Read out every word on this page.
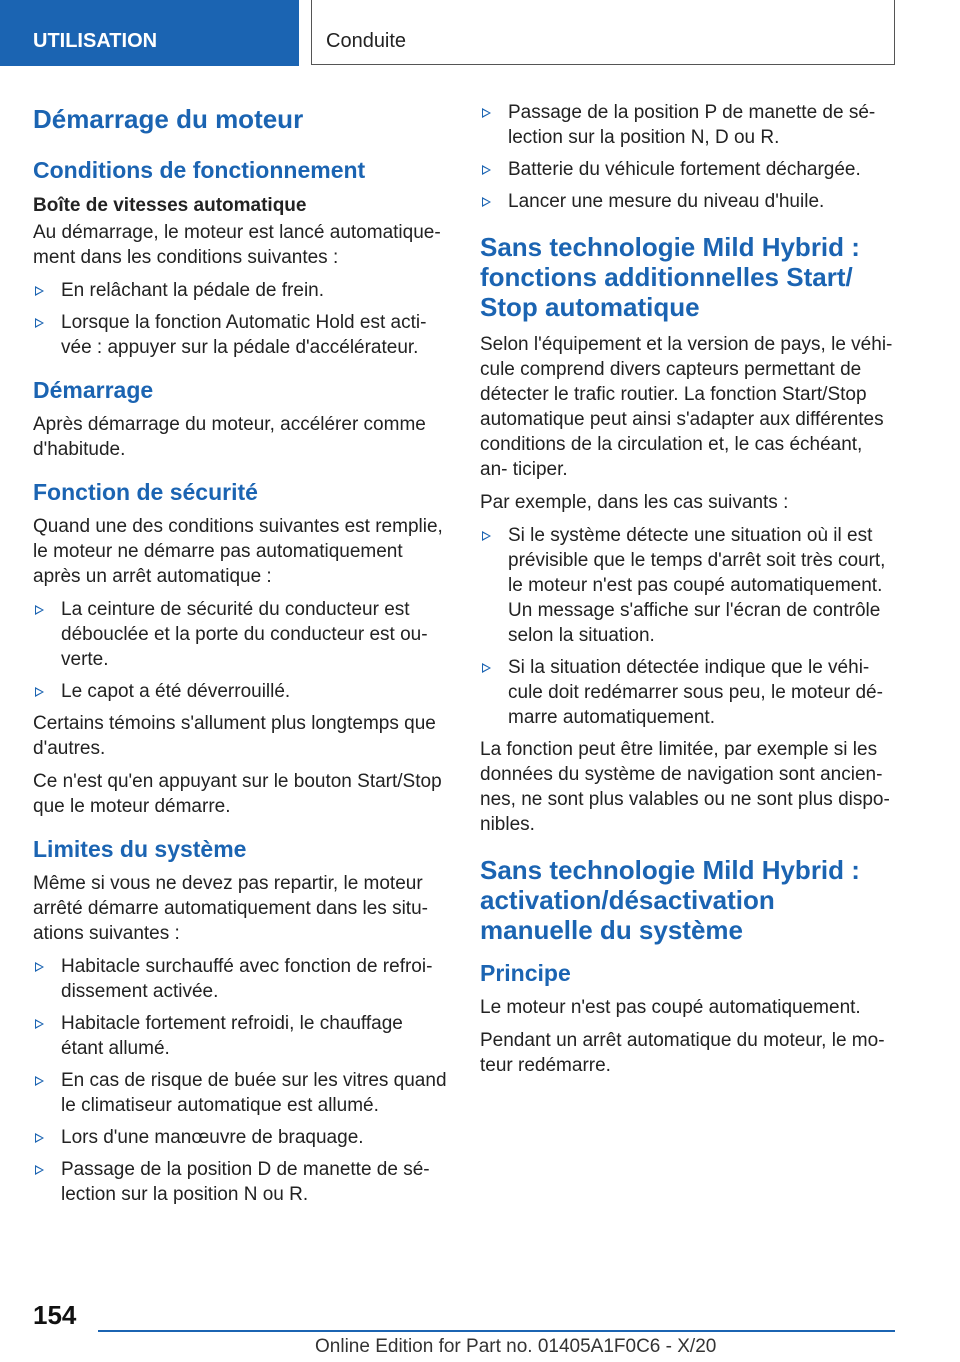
UTILISATION	Conduite
Démarrage du moteur
Conditions de fonctionnement
Boîte de vitesses automatique

Au démarrage, le moteur est lancé automatique- ment dans les conditions suivantes :

En relâchant la pédale de frein.
Lorsque la fonction Automatic Hold est acti- vée : appuyer sur la pédale d'accélérateur.
Démarrage

Après démarrage du moteur, accélérer comme d'habitude.

Fonction de sécurité

Quand une des conditions suivantes est remplie, le moteur ne démarre pas automatiquement après un arrêt automatique :

La ceinture de sécurité du conducteur est débouclée et la porte du conducteur est ou- verte.
Le capot a été déverrouillé.

Certains témoins s'allument plus longtemps que d'autres.

Ce n'est qu'en appuyant sur le bouton Start/Stop que le moteur démarre.

Limites du système

Même si vous ne devez pas repartir, le moteur arrêté démarre automatiquement dans les situ- ations suivantes :

Habitacle surchauffé avec fonction de refroi- dissement activée.
Habitacle fortement refroidi, le chauffage étant allumé.
En cas de risque de buée sur les vitres quand le climatiseur automatique est allumé.
Lors d'une manœuvre de braquage.
Passage de la position D de manette de sé- lection sur la position N ou R.
Passage de la position P de manette de sé- lection sur la position N, D ou R.
Batterie du véhicule fortement déchargée.
Lancer une mesure du niveau d'huile.
Sans technologie Mild Hybrid : fonctions additionnelles Start/ Stop automatique

Selon l'équipement et la version de pays, le véhi- cule comprend divers capteurs permettant de détecter le trafic routier. La fonction Start/Stop automatique peut ainsi s'adapter aux différentes conditions de la circulation et, le cas échéant, an- ticiper.

Par exemple, dans les cas suivants :

Si le système détecte une situation où il est prévisible que le temps d'arrêt soit très court, le moteur n'est pas coupé automatiquement. Un message s'affiche sur l'écran de contrôle selon la situation.
Si la situation détectée indique que le véhi- cule doit redémarrer sous peu, le moteur dé- marre automatiquement.

La fonction peut être limitée, par exemple si les données du système de navigation sont ancien- nes, ne sont plus valables ou ne sont plus dispo- nibles.

Sans technologie Mild Hybrid : activation/désactivation manuelle du système
Principe

Le moteur n'est pas coupé automatiquement.

Pendant un arrêt automatique du moteur, le mo- teur redémarre.

154
Online Edition for Part no. 01405A1F0C6 - X/20
